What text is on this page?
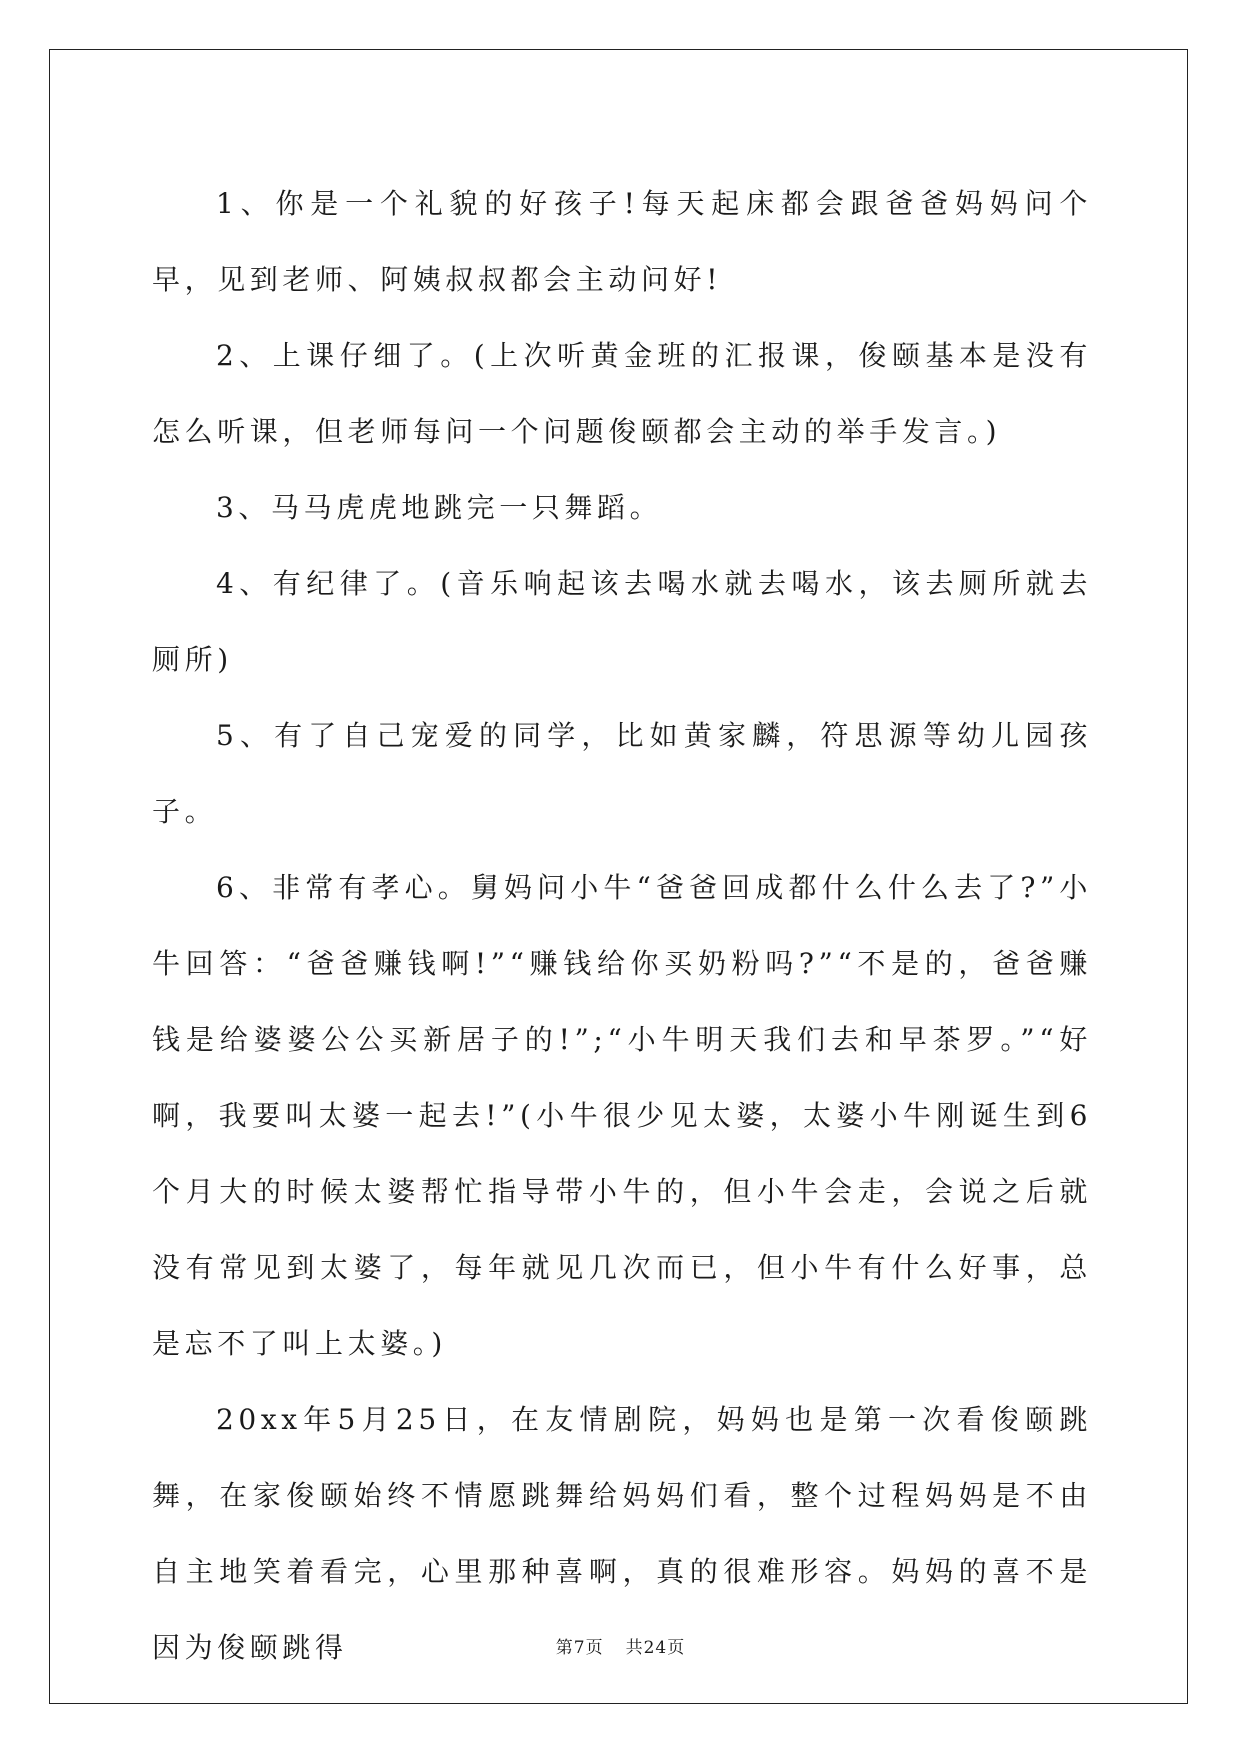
1、你是一个礼貌的好孩子!每天起床都会跟爸爸妈妈问个早，见到老师、阿姨叔叔都会主动问好!

2、上课仔细了。(上次听黄金班的汇报课，俊颐基本是没有怎么听课，但老师每问一个问题俊颐都会主动的举手发言。)

3、马马虎虎地跳完一只舞蹈。

4、有纪律了。(音乐响起该去喝水就去喝水，该去厕所就去厕所)

5、有了自己宠爱的同学，比如黄家麟，符思源等幼儿园孩子。

6、非常有孝心。舅妈问小牛“爸爸回成都什么什么去了?”小牛回答：“爸爸赚钱啊!”“赚钱给你买奶粉吗?”“不是的，爸爸赚钱是给婆婆公公买新居子的!”;“小牛明天我们去和早茶罗。”“好啊，我要叫太婆一起去!”(小牛很少见太婆，太婆小牛刚诞生到6个月大的时候太婆帮忙指导带小牛的，但小牛会走，会说之后就没有常见到太婆了，每年就见几次而已，但小牛有什么好事，总是忘不了叫上太婆。)

20xx年5月25日，在友情剧院，妈妈也是第一次看俊颐跳舞，在家俊颐始终不情愿跳舞给妈妈们看，整个过程妈妈是不由自主地笑着看完，心里那种喜啊，真的很难形容。妈妈的喜不是因为俊颐跳得	第7页 共24页
